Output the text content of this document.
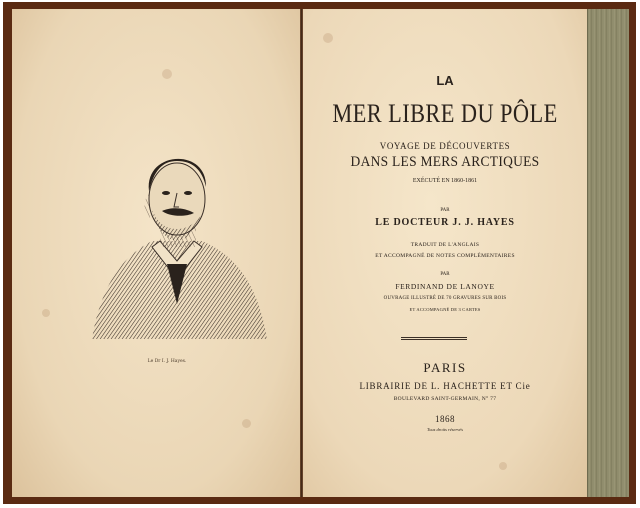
Le Dr I. J. Hayes.
LA
MER LIBRE DU PÔLE
VOYAGE DE DÉCOUVERTES
DANS LES MERS ARCTIQUES
EXÉCUTÉ EN 1860-1861
PAR
LE DOCTEUR J. J. HAYES
TRADUIT DE L'ANGLAIS
ET ACCOMPAGNÉ DE NOTES COMPLÉMENTAIRES
PAR
FERDINAND DE LANOYE
OUVRAGE ILLUSTRÉ DE 70 GRAVURES SUR BOIS
ET ACCOMPAGNÉ DE 3 CARTES
PARIS
LIBRAIRIE DE L. HACHETTE ET Cie
BOULEVARD SAINT-GERMAIN, N° 77
1868
Tous droits réservés
